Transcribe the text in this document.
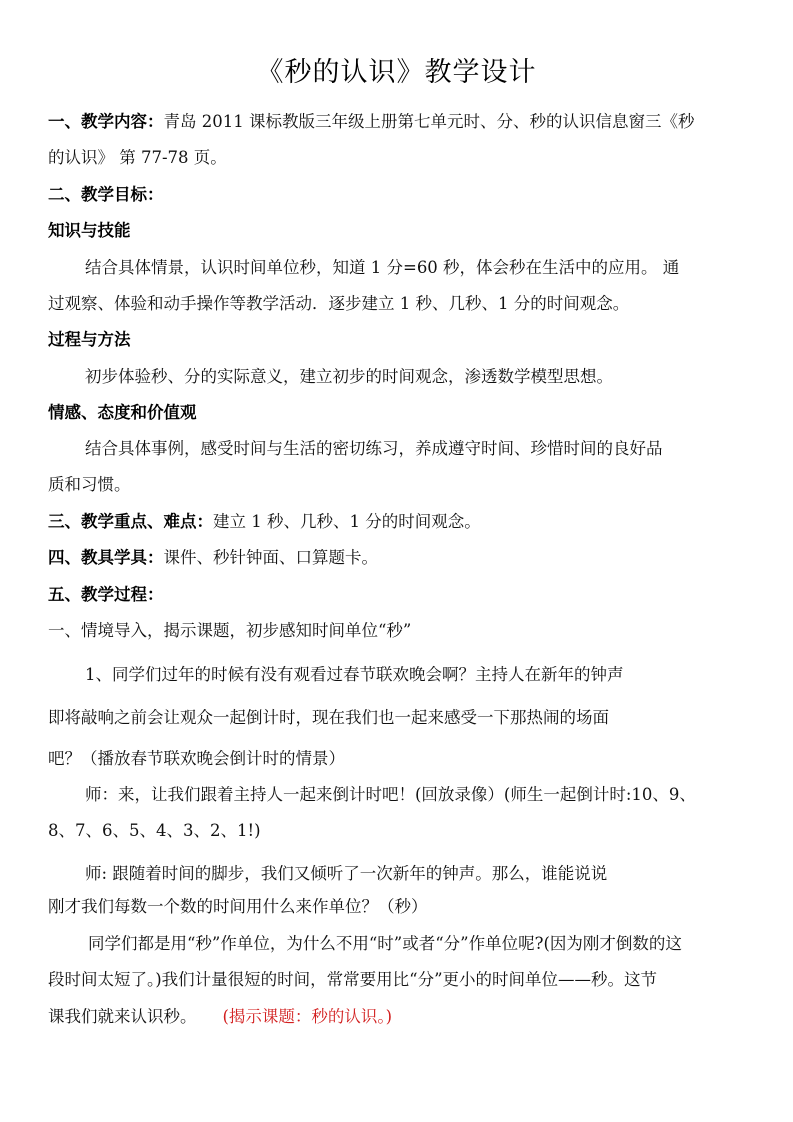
《秒的认识》教学设计
一、教学内容：青岛 2011 课标教版三年级上册第七单元时、分、秒的认识信息窗三《秒
的认识》 第 77-78 页。
二、教学目标：
知识与技能
结合具体情景，认识时间单位秒，知道 1 分=60 秒，体会秒在生活中的应用。 通
过观察、体验和动手操作等教学活动．逐步建立 1 秒、几秒、1 分的时间观念。
过程与方法
初步体验秒、分的实际意义，建立初步的时间观念，渗透数学模型思想。
情感、态度和价值观
结合具体事例，感受时间与生活的密切练习，养成遵守时间、珍惜时间的良好品
质和习惯。
三、教学重点、难点：建立 1 秒、几秒、1 分的时间观念。
四、教具学具：课件、秒针钟面、口算题卡。
五、教学过程：
一、情境导入，揭示课题，初步感知时间单位“秒”
1、同学们过年的时候有没有观看过春节联欢晚会啊？主持人在新年的钟声
即将敲响之前会让观众一起倒计时，现在我们也一起来感受一下那热闹的场面
吧？（播放春节联欢晚会倒计时的情景）
师：来，让我们跟着主持人一起来倒计时吧！(回放录像）(师生一起倒计时:10、9、
8、7、6、5、4、3、2、1!)
师: 跟随着时间的脚步，我们又倾听了一次新年的钟声。那么，谁能说说
刚才我们每数一个数的时间用什么来作单位？（秒）
同学们都是用“秒”作单位，为什么不用“时”或者“分”作单位呢?(因为刚才倒数的这
段时间太短了。)我们计量很短的时间，常常要用比“分”更小的时间单位——秒。这节
课我们就来认识秒。 (揭示课题：秒的认识。)
